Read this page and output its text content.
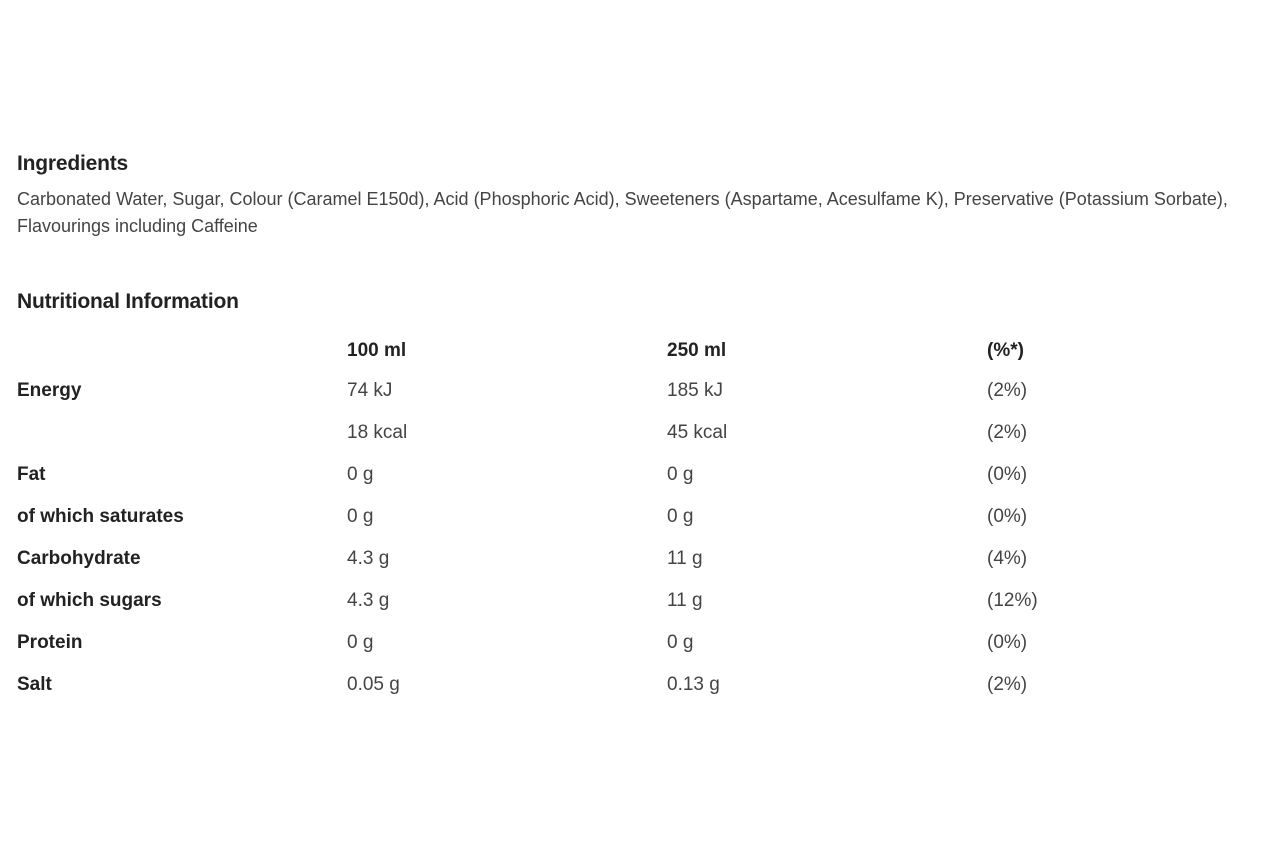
Ingredients

Carbonated Water, Sugar, Colour (Caramel E150d), Acid (Phosphoric Acid), Sweeteners (Aspartame, Acesulfame K), Preservative (Potassium Sorbate), Flavourings including Caffeine

Nutritional Information
	100 ml	250 ml	(%*)
Energy	74 kJ	185 kJ	(2%)
	18 kcal	45 kcal	(2%)
Fat	0 g	0 g	(0%)
of which saturates	0 g	0 g	(0%)
Carbohydrate	4.3 g	11 g	(4%)
of which sugars	4.3 g	11 g	(12%)
Protein	0 g	0 g	(0%)
Salt	0.05 g	0.13 g	(2%)
